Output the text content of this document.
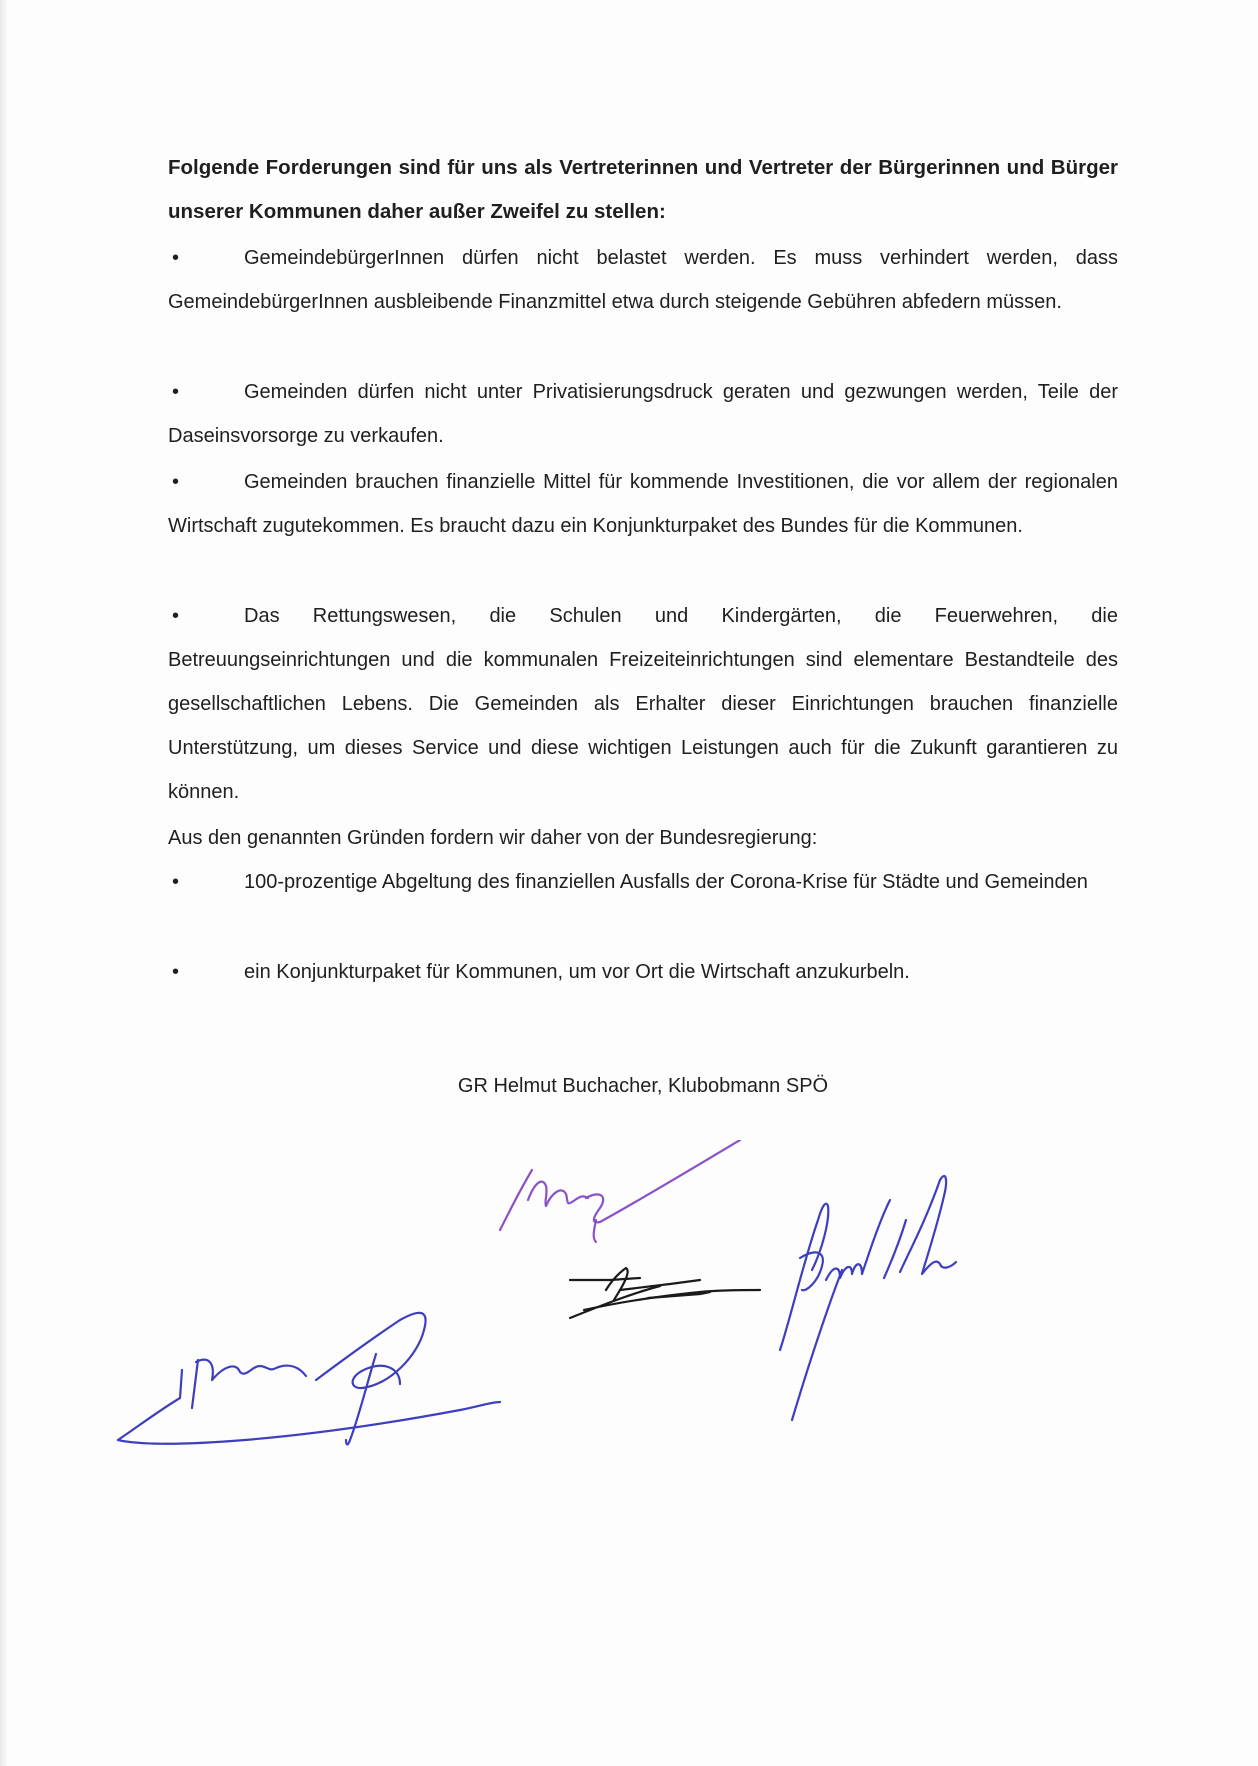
Folgende Forderungen sind für uns als Vertreterinnen und Vertreter der Bürgerinnen und Bürger unserer Kommunen daher außer Zweifel zu stellen:
•	GemeindebürgerInnen dürfen nicht belastet werden. Es muss verhindert werden, dass GemeindebürgerInnen ausbleibende Finanzmittel etwa durch steigende Gebühren abfedern müssen.
•	Gemeinden dürfen nicht unter Privatisierungsdruck geraten und gezwungen werden, Teile der Daseinsvorsorge zu verkaufen.
•	Gemeinden brauchen finanzielle Mittel für kommende Investitionen, die vor allem der regionalen Wirtschaft zugutekommen. Es braucht dazu ein Konjunkturpaket des Bundes für die Kommunen.
•	Das Rettungswesen, die Schulen und Kindergärten, die Feuerwehren, die Betreuungseinrichtungen und die kommunalen Freizeiteinrichtungen sind elementare Bestandteile des gesellschaftlichen Lebens. Die Gemeinden als Erhalter dieser Einrichtungen brauchen finanzielle Unterstützung, um dieses Service und diese wichtigen Leistungen auch für die Zukunft garantieren zu können.
Aus den genannten Gründen fordern wir daher von der Bundesregierung:
•	100-prozentige Abgeltung des finanziellen Ausfalls der Corona-Krise für Städte und Gemeinden
•	ein Konjunkturpaket für Kommunen, um vor Ort die Wirtschaft anzukurbeln.
GR Helmut Buchacher, Klubobmann SPÖ
